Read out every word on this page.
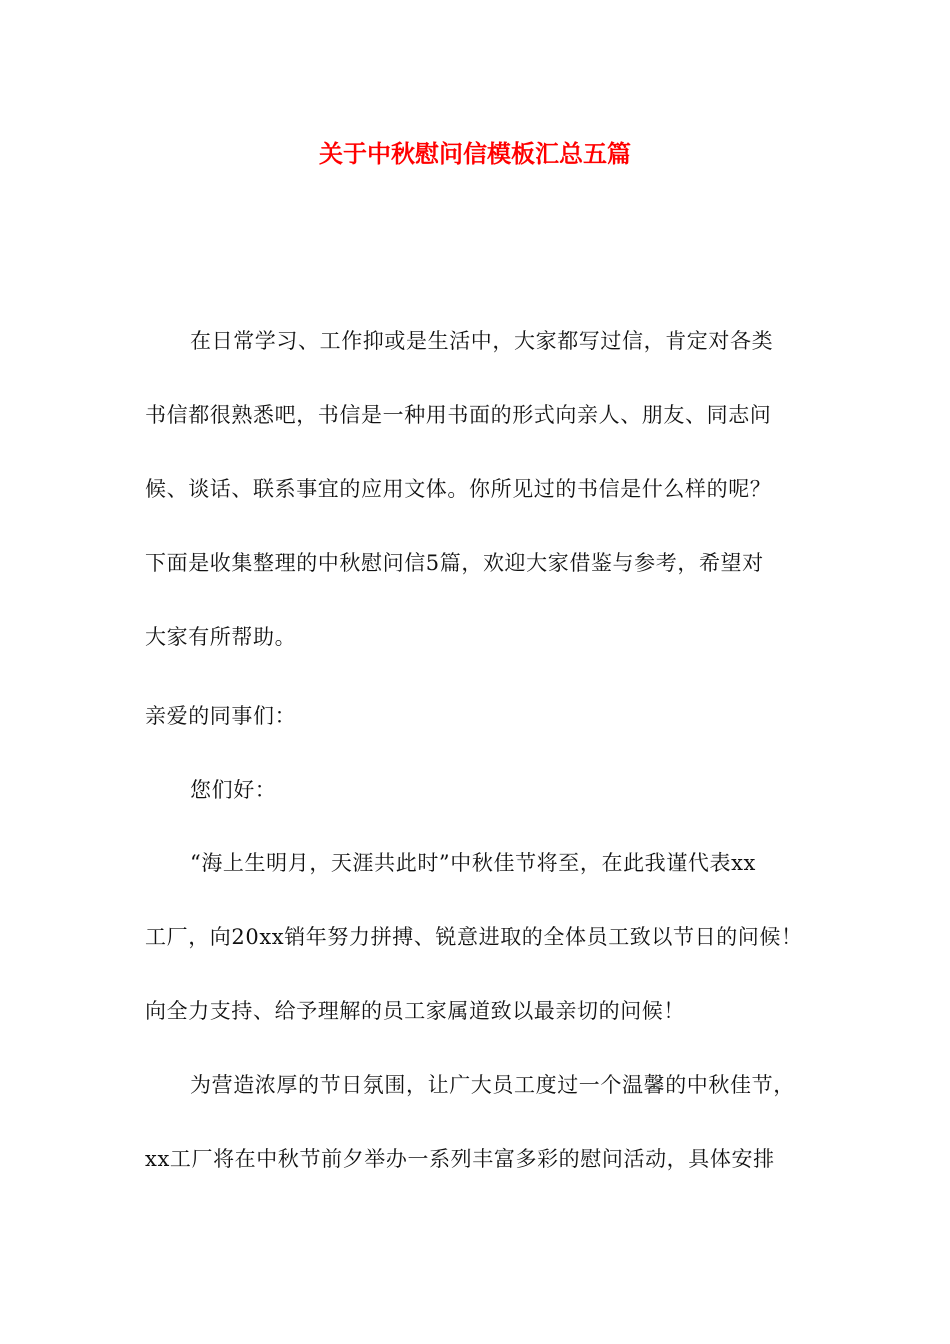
关于中秋慰问信模板汇总五篇
在日常学习、工作抑或是生活中，大家都写过信，肯定对各类
书信都很熟悉吧，书信是一种用书面的形式向亲人、朋友、同志问
候、谈话、联系事宜的应用文体。你所见过的书信是什么样的呢？
下面是收集整理的中秋慰问信5篇，欢迎大家借鉴与参考，希望对
大家有所帮助。
亲爱的同事们：
您们好：
“海上生明月，天涯共此时”中秋佳节将至，在此我谨代表xx
工厂，向20xx销年努力拼搏、锐意进取的全体员工致以节日的问候！
向全力支持、给予理解的员工家属道致以最亲切的问候！
为营造浓厚的节日氛围，让广大员工度过一个温馨的中秋佳节，
xx工厂将在中秋节前夕举办一系列丰富多彩的慰问活动，具体安排
